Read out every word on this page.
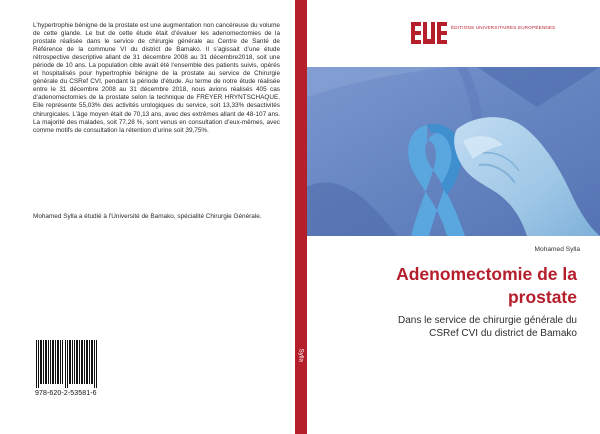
L’hypertrophie bénigne de la prostate est une augmentation non cancéreuse du volume de cette glande. Le but de cette étude était d’évaluer les adenomectomies de la prostate réalisée dans le service de chirurgie générale au Centre de Santé de Référence de la commune VI du district de Bamako. Il s’agissait d’une étude rétrospective descriptive allant de 31 décembre 2008 au 31 décembre2018, soit une période de 10 ans. La population cible avait été l’ensemble des patients suivis, opérés et hospitalisés pour hypertrophie bénigne de la prostate au service de Chirurgie générale du CSRef CVI, pendant la période d’étude. Au terme de notre étude réalisée entre le 31 décembre 2008 au 31 décembre 2018, nous avions réalisés 405 cas d’adenomectomies de la prostate selon la technique de FREYER HRYNTSCHAQUE. Elle représente 55,03% des activités urologiques du service, soit 13,33% desactivités chirurgicales. L’âge moyen était de 70,13 ans, avec des extrêmes allant de 48-107 ans. La majorité des malades, soit 77,28 %, sont venus en consultation d’eux-mêmes, avec comme motifs de consultation la rétention d’urine soit 39,75%.

Mohamed Sylla a étudié à l'Université de Bamako, spécialité Chirurgie Générale.
978-620-2-53581-6
Sylla
ÉDITIONS UNIVERSITAIRES EUROPÉENNES
Mohamed Sylla
Adenomectomie de la prostate
Dans le service de chirurgie générale du CSRef CVI du district de Bamako
